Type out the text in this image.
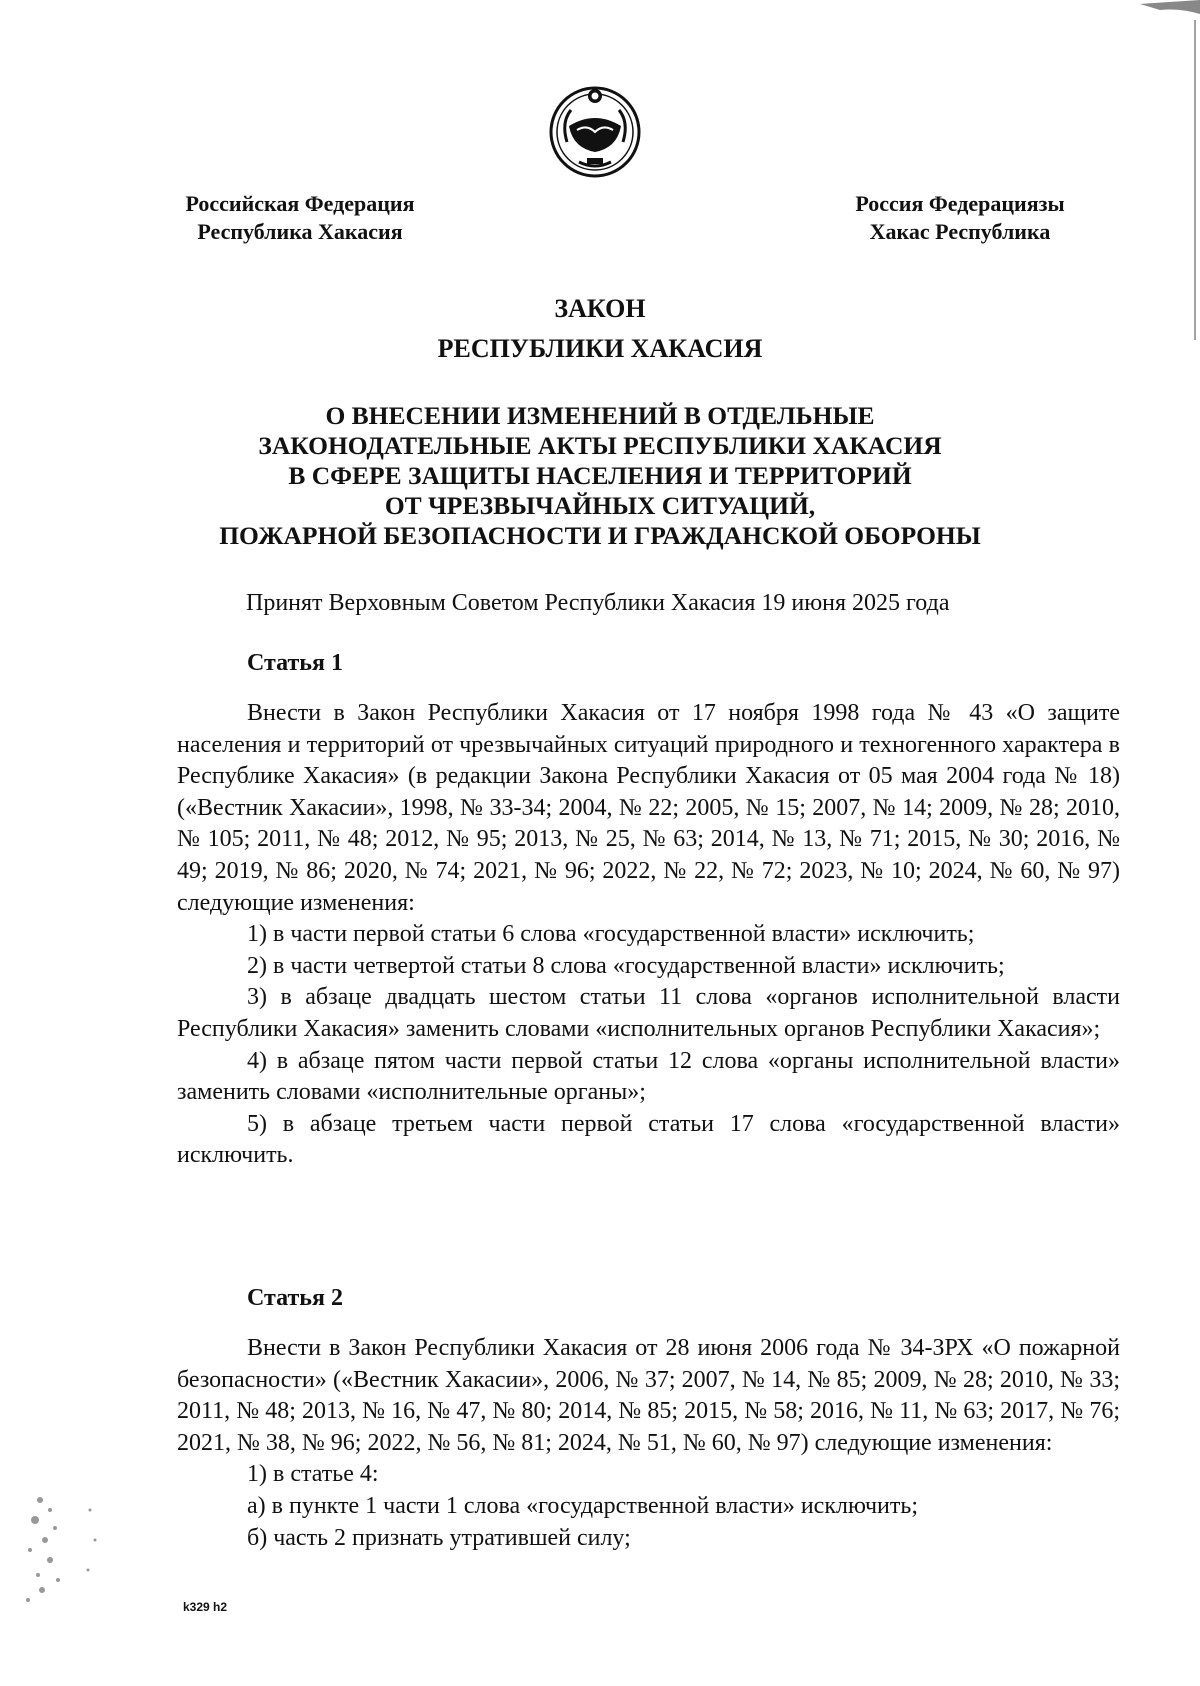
Российская Федерация
Республика Хакасия
Россия Федерациязы
Хакас Республика
ЗАКОН
РЕСПУБЛИКИ ХАКАСИЯ
О ВНЕСЕНИИ ИЗМЕНЕНИЙ В ОТДЕЛЬНЫЕ
ЗАКОНОДАТЕЛЬНЫЕ АКТЫ РЕСПУБЛИКИ ХАКАСИЯ
В СФЕРЕ ЗАЩИТЫ НАСЕЛЕНИЯ И ТЕРРИТОРИЙ
ОТ ЧРЕЗВЫЧАЙНЫХ СИТУАЦИЙ,
ПОЖАРНОЙ БЕЗОПАСНОСТИ И ГРАЖДАНСКОЙ ОБОРОНЫ
Принят Верховным Советом Республики Хакасия 19 июня 2025 года
Статья 1
Внести в Закон Республики Хакасия от 17 ноября 1998 года № 43 «О защите населения и территорий от чрезвычайных ситуаций природного и техногенного характера в Республике Хакасия» (в редакции Закона Республики Хакасия от 05 мая 2004 года № 18) («Вестник Хакасии», 1998, № 33-34; 2004, № 22; 2005, № 15; 2007, № 14; 2009, № 28; 2010, № 105; 2011, № 48; 2012, № 95; 2013, № 25, № 63; 2014, № 13, № 71; 2015, № 30; 2016, № 49; 2019, № 86; 2020, № 74; 2021, № 96; 2022, № 22, № 72; 2023, № 10; 2024, № 60, № 97) следующие изменения:
1) в части первой статьи 6 слова «государственной власти» исключить;
2) в части четвертой статьи 8 слова «государственной власти» исключить;
3) в абзаце двадцать шестом статьи 11 слова «органов исполнительной власти Республики Хакасия» заменить словами «исполнительных органов Республики Хакасия»;
4) в абзаце пятом части первой статьи 12 слова «органы исполнительной власти» заменить словами «исполнительные органы»;
5) в абзаце третьем части первой статьи 17 слова «государственной власти» исключить.
Статья 2
Внести в Закон Республики Хакасия от 28 июня 2006 года № 34-ЗРХ «О пожарной безопасности» («Вестник Хакасии», 2006, № 37; 2007, № 14, № 85; 2009, № 28; 2010, № 33; 2011, № 48; 2013, № 16, № 47, № 80; 2014, № 85; 2015, № 58; 2016, № 11, № 63; 2017, № 76; 2021, № 38, № 96; 2022, № 56, № 81; 2024, № 51, № 60, № 97) следующие изменения:
1) в статье 4:
а) в пункте 1 части 1 слова «государственной власти» исключить;
б) часть 2 признать утратившей силу;
k329 h2
